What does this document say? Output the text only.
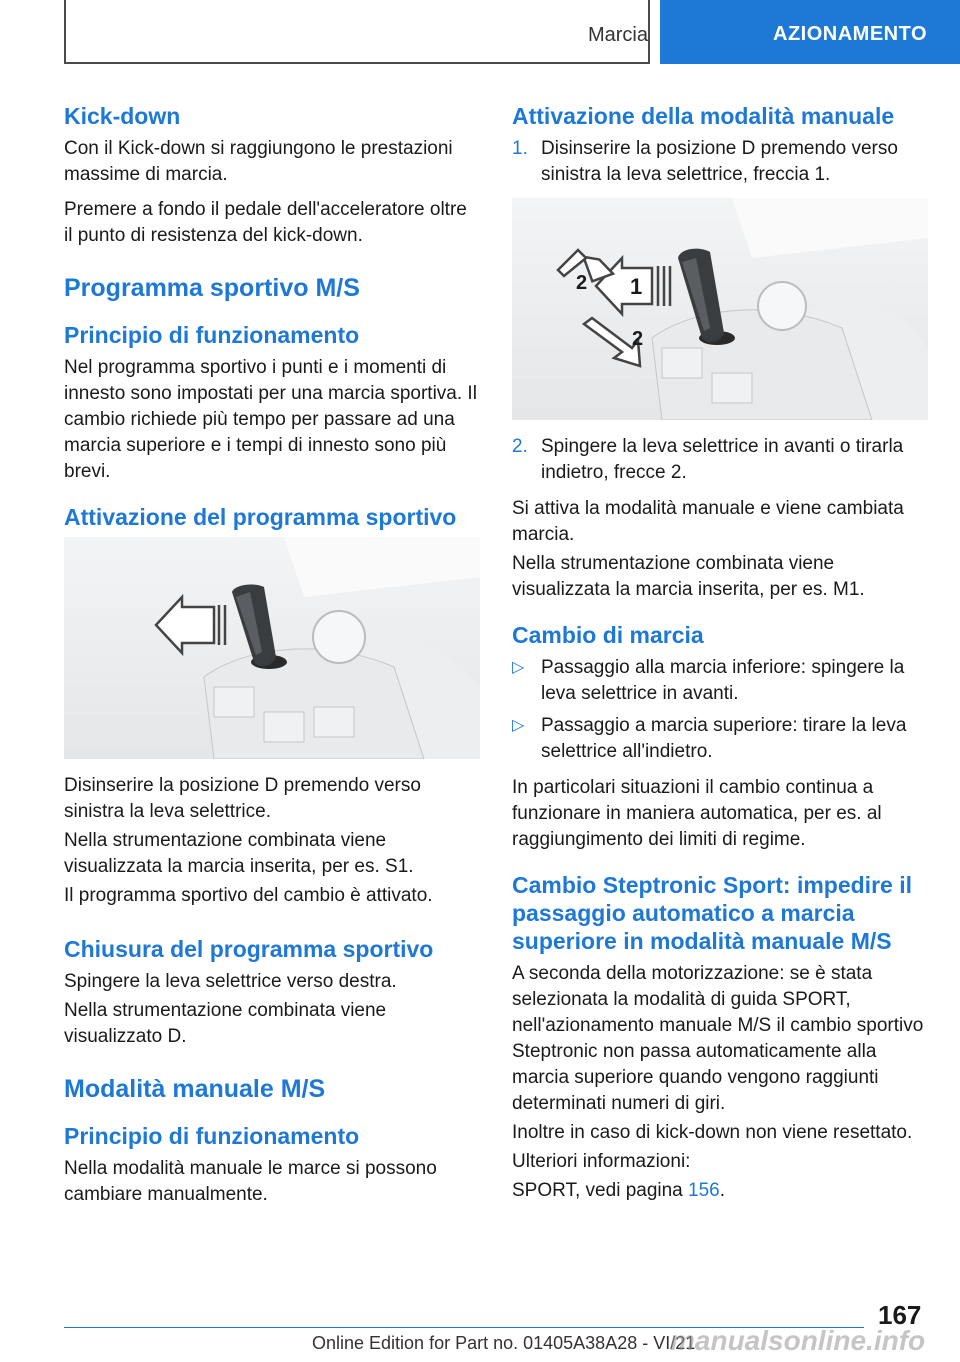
Marcia	AZIONAMENTO
Kick-down

Con il Kick-down si raggiungono le prestazioni massime di marcia.

Premere a fondo il pedale dell'acceleratore oltre il punto di resistenza del kick-down.

Programma sportivo M/S
Principio di funzionamento

Nel programma sportivo i punti e i momenti di innesto sono impostati per una marcia sportiva. Il cambio richiede più tempo per passare ad una marcia superiore e i tempi di innesto sono più brevi.

Attivazione del programma sportivo

Disinserire la posizione D premendo verso sinistra la leva selettrice.

Nella strumentazione combinata viene visualizzata la marcia inserita, per es. S1.

Il programma sportivo del cambio è attivato.

Chiusura del programma sportivo

Spingere la leva selettrice verso destra.

Nella strumentazione combinata viene visualizzato D.

Modalità manuale M/S
Principio di funzionamento

Nella modalità manuale le marce si possono cambiare manualmente.

Attivazione della modalità manuale
1. Disinserire la posizione D premendo verso sinistra la leva selettrice, freccia 1.
1
2
2
2. Spingere la leva selettrice in avanti o tirarla indietro, frecce 2.

Si attiva la modalità manuale e viene cambiata marcia.

Nella strumentazione combinata viene visualizzata la marcia inserita, per es. M1.

Cambio di marcia
▷ Passaggio alla marcia inferiore: spingere la leva selettrice in avanti.
▷ Passaggio a marcia superiore: tirare la leva selettrice all'indietro.

In particolari situazioni il cambio continua a funzionare in maniera automatica, per es. al raggiungimento dei limiti di regime.

Cambio Steptronic Sport: impedire il passaggio automatico a marcia superiore in modalità manuale M/S

A seconda della motorizzazione: se è stata selezionata la modalità di guida SPORT, nell'azionamento manuale M/S il cambio sportivo Steptronic non passa automaticamente alla marcia superiore quando vengono raggiunti determinati numeri di giri.

Inoltre in caso di kick-down non viene resettato.

Ulteriori informazioni:

SPORT, vedi pagina 156.

167
Online Edition for Part no. 01405A38A28 - VI/21
manualsonline.info
